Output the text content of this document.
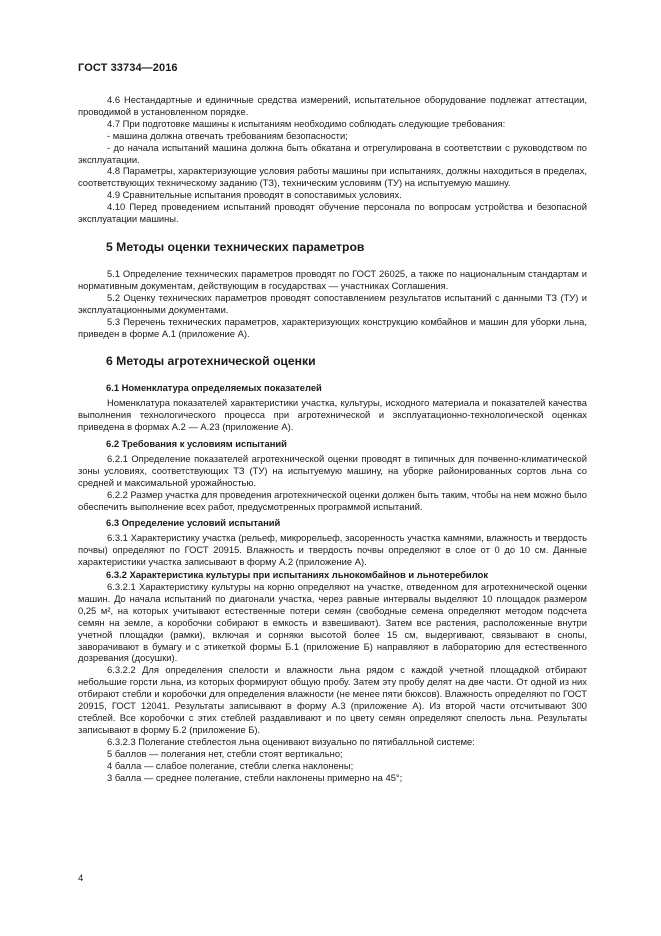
ГОСТ 33734—2016

4.6 Нестандартные и единичные средства измерений, испытательное оборудование подлежат аттестации, проводимой в установленном порядке.

4.7 При подготовке машины к испытаниям необходимо соблюдать следующие требования:

- машина должна отвечать требованиям безопасности;

- до начала испытаний машина должна быть обкатана и отрегулирована в соответствии с руководством по эксплуатации.

4.8 Параметры, характеризующие условия работы машины при испытаниях, должны находиться в пределах, соответствующих техническому заданию (ТЗ), техническим условиям (ТУ) на испытуемую машину.

4.9 Сравнительные испытания проводят в сопоставимых условиях.

4.10 Перед проведением испытаний проводят обучение персонала по вопросам устройства и безопасной эксплуатации машины.

5 Методы оценки технических параметров

5.1 Определение технических параметров проводят по ГОСТ 26025, а также по национальным стандартам и нормативным документам, действующим в государствах — участниках Соглашения.

5.2 Оценку технических параметров проводят сопоставлением результатов испытаний с данными ТЗ (ТУ) и эксплуатационными документами.

5.3 Перечень технических параметров, характеризующих конструкцию комбайнов и машин для уборки льна, приведен в форме А.1 (приложение А).

6 Методы агротехнической оценки
6.1 Номенклатура определяемых показателей

Номенклатура показателей характеристики участка, культуры, исходного материала и показателей качества выполнения технологического процесса при агротехнической и эксплуатационно-технологической оценках приведена в формах А.2 — А.23 (приложение А).

6.2 Требования к условиям испытаний

6.2.1 Определение показателей агротехнической оценки проводят в типичных для почвенно-климатической зоны условиях, соответствующих ТЗ (ТУ) на испытуемую машину, на уборке районированных сортов льна со средней и максимальной урожайностью.

6.2.2 Размер участка для проведения агротехнической оценки должен быть таким, чтобы на нем можно было обеспечить выполнение всех работ, предусмотренных программой испытаний.

6.3 Определение условий испытаний

6.3.1 Характеристику участка (рельеф, микрорельеф, засоренность участка камнями, влажность и твердость почвы) определяют по ГОСТ 20915. Влажность и твердость почвы определяют в слое от 0 до 10 см. Данные характеристики участка записывают в форму А.2 (приложение А).

6.3.2 Характеристика культуры при испытаниях льнокомбайнов и льнотеребилок

6.3.2.1 Характеристику культуры на корню определяют на участке, отведенном для агротехнической оценки машин. До начала испытаний по диагонали участка, через равные интервалы выделяют 10 площадок размером 0,25 м², на которых учитывают естественные потери семян (свободные семена определяют методом подсчета семян на земле, а коробочки собирают в емкость и взвешивают). Затем все растения, расположенные внутри учетной площадки (рамки), включая и сорняки высотой более 15 см, выдергивают, связывают в снопы, заворачивают в бумагу и с этикеткой формы Б.1 (приложение Б) направляют в лабораторию для естественного дозревания (досушки).

6.3.2.2 Для определения спелости и влажности льна рядом с каждой учетной площадкой отбирают небольшие горсти льна, из которых формируют общую пробу. Затем эту пробу делят на две части. От одной из них отбирают стебли и коробочки для определения влажности (не менее пяти бюксов). Влажность определяют по ГОСТ 20915, ГОСТ 12041. Результаты записывают в форму А.3 (приложение А). Из второй части отсчитывают 300 стеблей. Все коробочки с этих стеблей раздавливают и по цвету семян определяют спелость льна. Результаты записывают в форму Б.2 (приложение Б).

6.3.2.3 Полегание стеблестоя льна оценивают визуально по пятибалльной системе:

5 баллов — полегания нет, стебли стоят вертикально;

4 балла — слабое полегание, стебли слегка наклонены;

3 балла — среднее полегание, стебли наклонены примерно на 45°;

4
